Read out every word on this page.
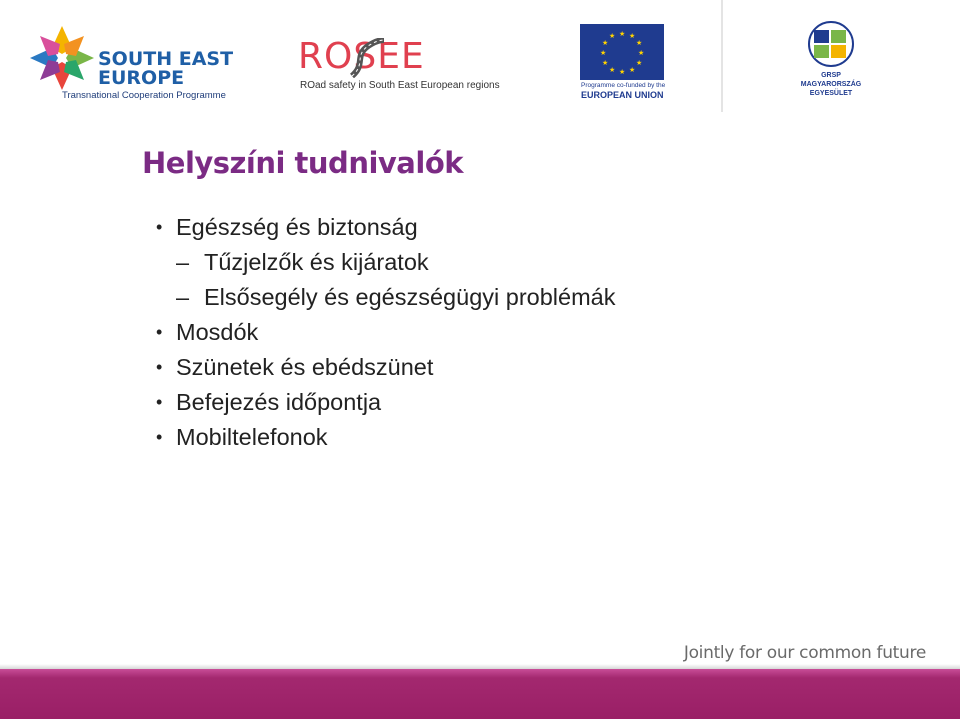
SOUTH EAST
EUROPE
Transnational Cooperation Programme
ROSEE
ROad safety in South East European regions
★ ★
★
★
★
★
★
★
★
★
★
★
Programme co-funded by the
EUROPEAN UNION
GRSP
MAGYARORSZÁG
EGYESÜLET
Helyszíni tudnivalók
• Egészség és biztonság
– Tűzjelzők és kijáratok
– Elsősegély és egészségügyi problémák
• Mosdók
• Szünetek és ebédszünet
• Befejezés időpontja
• Mobiltelefonok
Jointly for our common future
